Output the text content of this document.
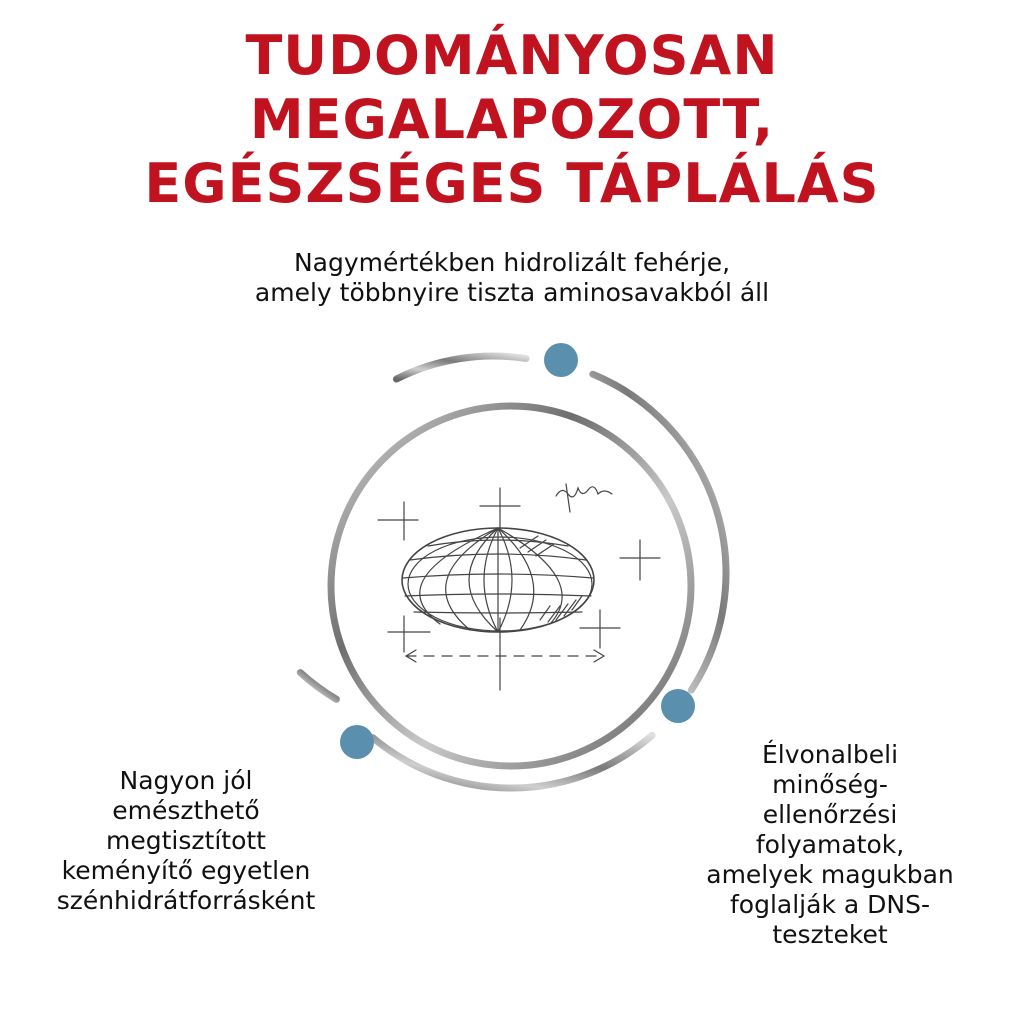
TUDOMÁNYOSAN MEGALAPOZOTT,
EGÉSZSÉGES TÁPLÁLÁS

Nagymértékben hidrolizált fehérje,
amely többnyire tiszta aminosavakból áll

Nagyon jól
emészthető
megtisztított
keményítő egyetlen
szénhidrátforrásként

Élvonalbeli
minőség-
ellenőrzési
folyamatok,
amelyek magukban
foglalják a DNS-
teszteket
